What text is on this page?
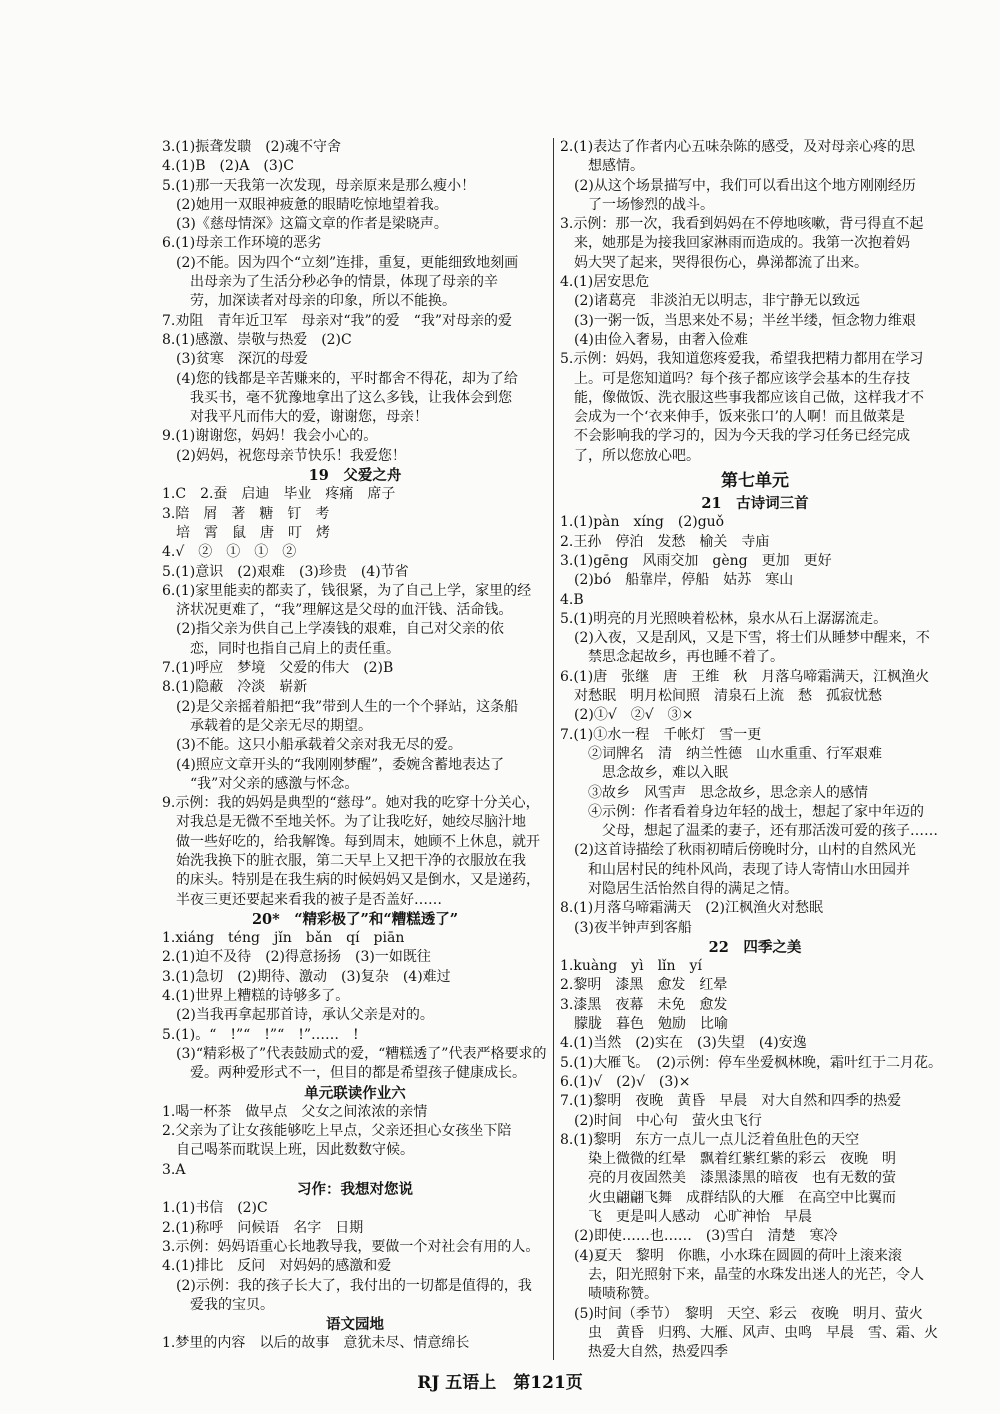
3.(1)振聋发聩　(2)魂不守舍
4.(1)B　(2)A　(3)C
5.(1)那一天我第一次发现，母亲原来是那么瘦小！
　(2)她用一双眼神疲惫的眼睛吃惊地望着我。
　(3)《慈母情深》这篇文章的作者是梁晓声。
6.(1)母亲工作环境的恶劣
　(2)不能。因为四个“立刻”连排，重复，更能细致地刻画
　　出母亲为了生活分秒必争的情景，体现了母亲的辛
　　劳，加深读者对母亲的印象，所以不能换。
7.劝阻　青年近卫军　母亲对“我”的爱　“我”对母亲的爱
8.(1)感激、崇敬与热爱　(2)C
　(3)贫寒　深沉的母爱
　(4)您的钱都是辛苦赚来的，平时都舍不得花，却为了给
　　我买书，毫不犹豫地拿出了这么多钱，让我体会到您
　　对我平凡而伟大的爱，谢谢您，母亲！
9.(1)谢谢您，妈妈！我会小心的。
　(2)妈妈，祝您母亲节快乐！我爱您！
19　父爱之舟
1.C　2.蚕　启迪　毕业　疼痛　席子
3.陪　屑　著　糖　钉　考
　培　霄　鼠　唐　叮　烤
4.√　②　①　①　②
5.(1)意识　(2)艰难　(3)珍贵　(4)节省
6.(1)家里能卖的都卖了，钱很紧，为了自己上学，家里的经
　济状况更难了，“我”理解这是父母的血汗钱、活命钱。
　(2)指父亲为供自己上学凑钱的艰难，自己对父亲的依
　　恋，同时也指自己肩上的责任重。
7.(1)呼应　梦境　父爱的伟大　(2)B
8.(1)隐蔽　冷淡　崭新
　(2)是父亲摇着船把“我”带到人生的一个个驿站，这条船
　　承载着的是父亲无尽的期望。
　(3)不能。这只小船承载着父亲对我无尽的爱。
　(4)照应文章开头的“我刚刚梦醒”，委婉含蓄地表达了
　　“我”对父亲的感激与怀念。
9.示例：我的妈妈是典型的“慈母”。她对我的吃穿十分关心，
　对我总是无微不至地关怀。为了让我吃好，她绞尽脑汁地
　做一些好吃的，给我解馋。每到周末，她顾不上休息，就开
　始洗我换下的脏衣服，第二天早上又把干净的衣服放在我
　的床头。特别是在我生病的时候妈妈又是倒水，又是递药，
　半夜三更还要起来看我的被子是否盖好……
20*　“精彩极了”和“糟糕透了”
1.xiáng　téng　jǐn　bǎn　qí　piān
2.(1)迫不及待　(2)得意扬扬　(3)一如既往
3.(1)急切　(2)期待、激动　(3)复杂　(4)难过
4.(1)世界上糟糕的诗够多了。
　(2)当我再拿起那首诗，承认父亲是对的。
5.(1)。“　!”“　!”“　!”……　!
　(3)“精彩极了”代表鼓励式的爱，“糟糕透了”代表严格要求的
　　爱。两种爱形式不一，但目的都是希望孩子健康成长。
单元联读作业六
1.喝一杯茶　做早点　父女之间浓浓的亲情
2.父亲为了让女孩能够吃上早点，父亲还担心女孩坐下陪
　自己喝茶而耽误上班，因此数数守候。
3.A
习作：我想对您说
1.(1)书信　(2)C
2.(1)称呼　问候语　名字　日期
3.示例：妈妈语重心长地教导我，要做一个对社会有用的人。
4.(1)排比　反问　对妈妈的感激和爱
　(2)示例：我的孩子长大了，我付出的一切都是值得的，我
　　爱我的宝贝。
语文园地
1.梦里的内容　以后的故事　意犹未尽、情意绵长
2.(1)表达了作者内心五味杂陈的感受，及对母亲心疼的思
　　想感情。
　(2)从这个场景描写中，我们可以看出这个地方刚刚经历
　　了一场惨烈的战斗。
3.示例：那一次，我看到妈妈在不停地咳嗽，背弓得直不起
　来，她那是为接我回家淋雨而造成的。我第一次抱着妈
　妈大哭了起来，哭得很伤心，鼻涕都流了出来。
4.(1)居安思危
　(2)诸葛亮　非淡泊无以明志，非宁静无以致远
　(3)一粥一饭，当思来处不易；半丝半缕，恒念物力维艰
　(4)由俭入奢易，由奢入俭难
5.示例：妈妈，我知道您疼爱我，希望我把精力都用在学习
　上。可是您知道吗？每个孩子都应该学会基本的生存技
　能，像做饭、洗衣服这些事我都应该自己做，这样我才不
　会成为一个‘衣来伸手，饭来张口’的人啊！而且做菜是
　不会影响我的学习的，因为今天我的学习任务已经完成
　了，所以您放心吧。
第七单元
21　古诗词三首
1.(1)pàn　xíng　(2)guǒ
2.王孙　停泊　发愁　榆关　寺庙
3.(1)gēng　风雨交加　gèng　更加　更好
　(2)bó　船靠岸，停船　姑苏　寒山
4.B
5.(1)明亮的月光照映着松林，泉水从石上潺潺流走。
　(2)入夜，又是刮风，又是下雪，将士们从睡梦中醒来，不
　　禁思念起故乡，再也睡不着了。
6.(1)唐　张继　唐　王维　秋　月落乌啼霜满天，江枫渔火
　对愁眠　明月松间照　清泉石上流　愁　孤寂忧愁
　(2)①√　②√　③×
7.(1)①水一程　千帐灯　雪一更
　　②词牌名　清　纳兰性德　山水重重、行军艰难
　　　思念故乡，难以入眠
　　③故乡　风雪声　思念故乡，思念亲人的感情
　　④示例：作者看着身边年轻的战士，想起了家中年迈的
　　　父母，想起了温柔的妻子，还有那活泼可爱的孩子……
　(2)这首诗描绘了秋雨初晴后傍晚时分，山村的自然风光
　　和山居村民的纯朴风尚，表现了诗人寄情山水田园并
　　对隐居生活怡然自得的满足之情。
8.(1)月落乌啼霜满天　(2)江枫渔火对愁眠
　(3)夜半钟声到客船
22　四季之美
1.kuàng　yì　lǐn　yí
2.黎明　漆黑　愈发　红晕
3.漆黑　夜幕　未免　愈发
　朦胧　暮色　勉励　比喻
4.(1)当然　(2)实在　(3)失望　(4)安逸
5.(1)大雁飞。　(2)示例：停车坐爱枫林晚，霜叶红于二月花。
6.(1)√　(2)√　(3)×
7.(1)黎明　夜晚　黄昏　早晨　对大自然和四季的热爱
　(2)时间　中心句　萤火虫飞行
8.(1)黎明　东方一点儿一点儿泛着鱼肚色的天空
　　染上微微的红晕　飘着红紫红紫的彩云　夜晚　明
　　亮的月夜固然美　漆黑漆黑的暗夜　也有无数的萤
　　火虫翩翩飞舞　成群结队的大雁　在高空中比翼而
　　飞　更是叫人感动　心旷神怡　早晨
　(2)即使……也……　(3)雪白　清楚　寒冷
　(4)夏天　黎明　你瞧，小水珠在圆圆的荷叶上滚来滚
　　去，阳光照射下来，晶莹的水珠发出迷人的光芒，令人
　　啧啧称赞。
　(5)时间（季节）　黎明　天空、彩云　夜晚　明月、萤火
　　虫　黄昏　归鸦、大雁、风声、虫鸣　早晨　雪、霜、火
　　热爱大自然，热爱四季
RJ 五语上　第121页
